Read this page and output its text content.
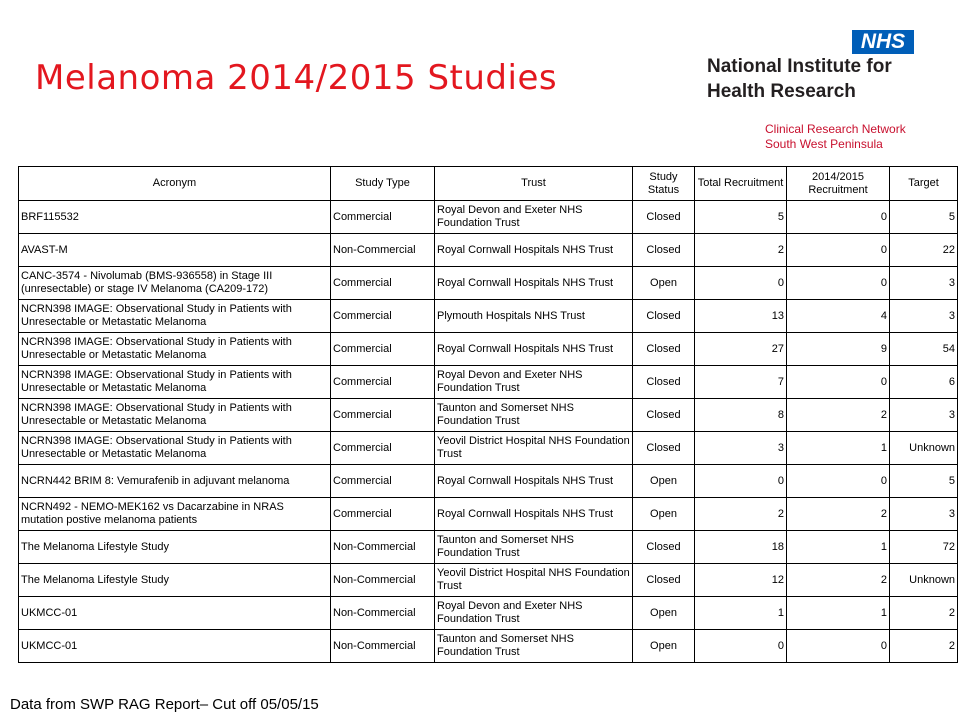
Melanoma 2014/2015 Studies
NHS
National Institute for
Health Research
Clinical Research Network
South West Peninsula
Acronym	Study Type	Trust	Study Status	Total Recruitment	2014/2015 Recruitment	Target
BRF115532	Commercial	Royal Devon and Exeter NHS Foundation Trust	Closed	5	0	5
AVAST-M	Non-Commercial	Royal Cornwall Hospitals NHS Trust	Closed	2	0	22
CANC-3574 - Nivolumab (BMS-936558) in Stage III (unresectable) or stage IV Melanoma (CA209-172)	Commercial	Royal Cornwall Hospitals NHS Trust	Open	0	0	3
NCRN398 IMAGE: Observational Study in Patients with Unresectable or Metastatic Melanoma	Commercial	Plymouth Hospitals NHS Trust	Closed	13	4	3
NCRN398 IMAGE: Observational Study in Patients with Unresectable or Metastatic Melanoma	Commercial	Royal Cornwall Hospitals NHS Trust	Closed	27	9	54
NCRN398 IMAGE: Observational Study in Patients with Unresectable or Metastatic Melanoma	Commercial	Royal Devon and Exeter NHS Foundation Trust	Closed	7	0	6
NCRN398 IMAGE: Observational Study in Patients with Unresectable or Metastatic Melanoma	Commercial	Taunton and Somerset NHS Foundation Trust	Closed	8	2	3
NCRN398 IMAGE: Observational Study in Patients with Unresectable or Metastatic Melanoma	Commercial	Yeovil District Hospital NHS Foundation Trust	Closed	3	1	Unknown
NCRN442 BRIM 8: Vemurafenib in adjuvant melanoma	Commercial	Royal Cornwall Hospitals NHS Trust	Open	0	0	5
NCRN492 - NEMO-MEK162 vs Dacarzabine in NRAS mutation postive melanoma patients	Commercial	Royal Cornwall Hospitals NHS Trust	Open	2	2	3
The Melanoma Lifestyle Study	Non-Commercial	Taunton and Somerset NHS Foundation Trust	Closed	18	1	72
The Melanoma Lifestyle Study	Non-Commercial	Yeovil District Hospital NHS Foundation Trust	Closed	12	2	Unknown
UKMCC-01	Non-Commercial	Royal Devon and Exeter NHS Foundation Trust	Open	1	1	2
UKMCC-01	Non-Commercial	Taunton and Somerset NHS Foundation Trust	Open	0	0	2
Data from SWP RAG Report– Cut off 05/05/15
